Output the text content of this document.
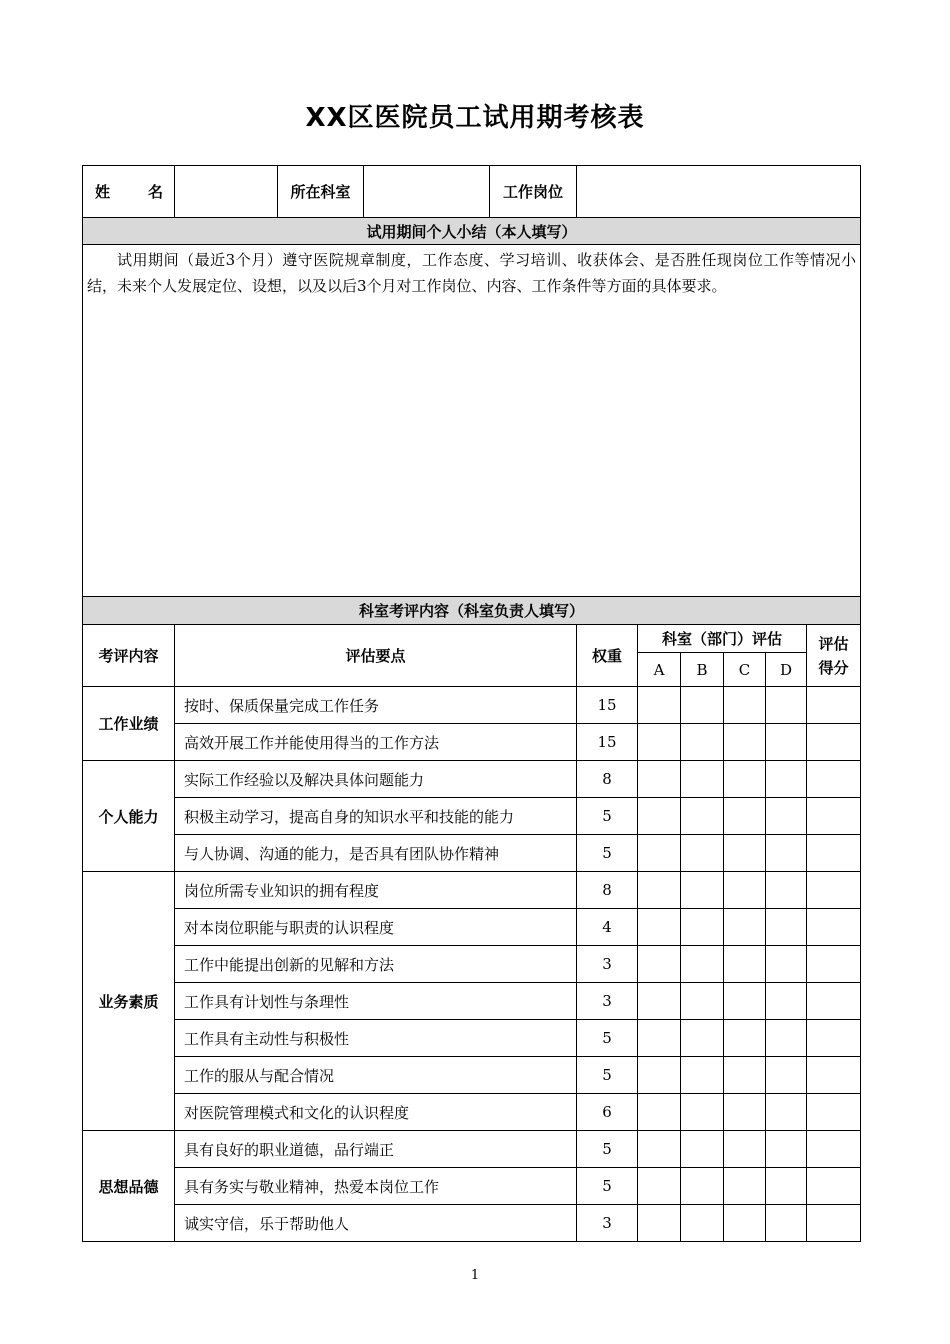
XX区医院员工试用期考核表
姓　　名		所在科室		工作岗位						
试用期间个人小结（本人填写）										
试用期间（最近3个月）遵守医院规章制度，工作态度、学习培训、收获体会、是否胜任现岗位工作等情况小结，未来个人发展定位、设想，以及以后3个月对工作岗位、内容、工作条件等方面的具体要求。										
科室考评内容（科室负责人填写）										
考评内容	评估要点				权重	科室（部门）评估				评估得分
						A	B	C	D	
工作业绩	按时、保质保量完成工作任务				15					
	高效开展工作并能使用得当的工作方法				15					
个人能力	实际工作经验以及解决具体问题能力				8					
	积极主动学习，提高自身的知识水平和技能的能力				5					
	与人协调、沟通的能力，是否具有团队协作精神				5					
业务素质	岗位所需专业知识的拥有程度				8					
	对本岗位职能与职责的认识程度				4					
	工作中能提出创新的见解和方法				3					
	工作具有计划性与条理性				3					
	工作具有主动性与积极性				5					
	工作的服从与配合情况				5					
	对医院管理模式和文化的认识程度				6					
思想品德	具有良好的职业道德，品行端正				5					
	具有务实与敬业精神，热爱本岗位工作				5					
	诚实守信，乐于帮助他人				3					
1
